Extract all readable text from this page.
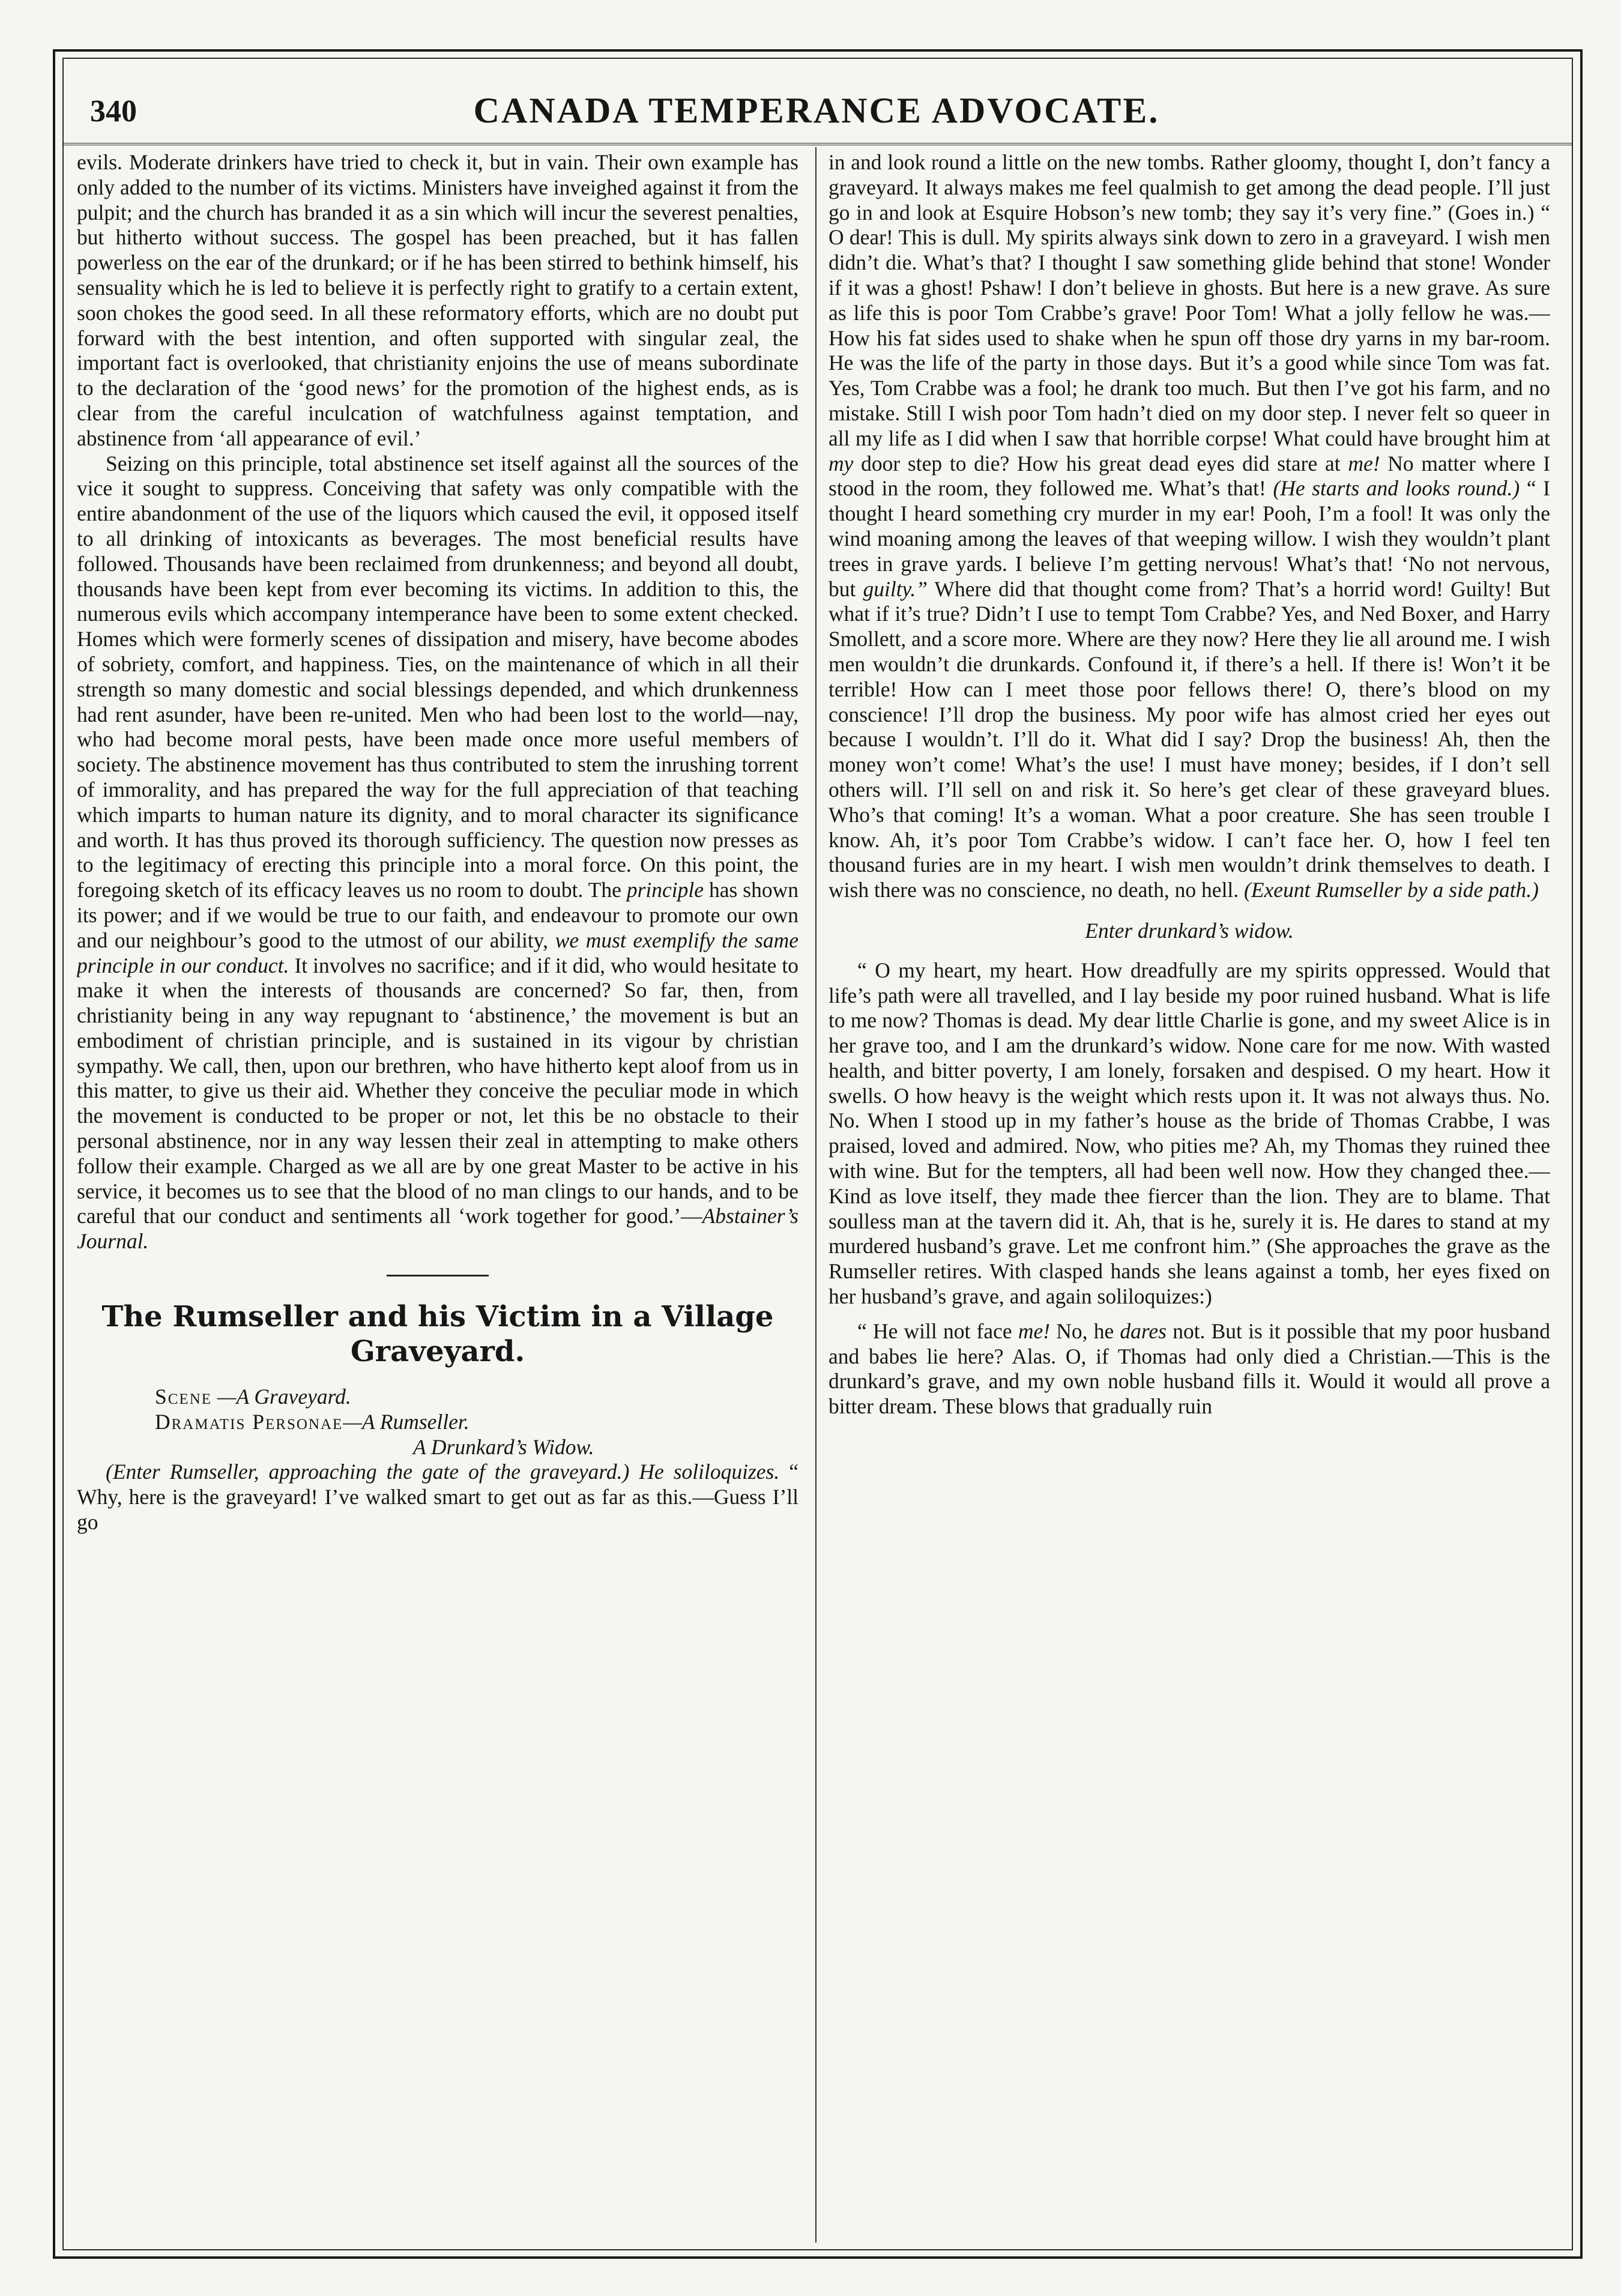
340	CANADA TEMPERANCE ADVOCATE.

evils. Moderate drinkers have tried to check it, but in vain. Their own example has only added to the number of its victims. Ministers have inveighed against it from the pulpit; and the church has branded it as a sin which will incur the severest penalties, but hitherto without success. The gospel has been preached, but it has fallen powerless on the ear of the drunkard; or if he has been stirred to bethink himself, his sensuality which he is led to believe it is perfectly right to gratify to a certain extent, soon chokes the good seed. In all these reformatory efforts, which are no doubt put forward with the best intention, and often supported with singular zeal, the important fact is overlooked, that christianity enjoins the use of means subordinate to the declaration of the ‘good news’ for the promotion of the highest ends, as is clear from the careful inculcation of watchfulness against temptation, and abstinence from ‘all appearance of evil.’

Seizing on this principle, total abstinence set itself against all the sources of the vice it sought to suppress. Conceiving that safety was only compatible with the entire abandonment of the use of the liquors which caused the evil, it opposed itself to all drinking of intoxicants as beverages. The most beneficial results have followed. Thousands have been reclaimed from drunkenness; and beyond all doubt, thousands have been kept from ever becoming its victims. In addition to this, the numerous evils which accompany intemperance have been to some extent checked. Homes which were formerly scenes of dissipation and misery, have become abodes of sobriety, comfort, and happiness. Ties, on the maintenance of which in all their strength so many domestic and social blessings depended, and which drunkenness had rent asunder, have been re-united. Men who had been lost to the world—nay, who had become moral pests, have been made once more useful members of society. The abstinence movement has thus contributed to stem the inrushing torrent of immorality, and has prepared the way for the full appreciation of that teaching which imparts to human nature its dignity, and to moral character its significance and worth. It has thus proved its thorough sufficiency. The question now presses as to the legitimacy of erecting this principle into a moral force. On this point, the foregoing sketch of its efficacy leaves us no room to doubt. The principle has shown its power; and if we would be true to our faith, and endeavour to promote our own and our neighbour’s good to the utmost of our ability, we must exemplify the same principle in our conduct. It involves no sacrifice; and if it did, who would hesitate to make it when the interests of thousands are concerned? So far, then, from christianity being in any way repugnant to ‘abstinence,’ the movement is but an embodiment of christian principle, and is sustained in its vigour by christian sympathy. We call, then, upon our brethren, who have hitherto kept aloof from us in this matter, to give us their aid. Whether they conceive the peculiar mode in which the movement is conducted to be proper or not, let this be no obstacle to their personal abstinence, nor in any way lessen their zeal in attempting to make others follow their example. Charged as we all are by one great Master to be active in his service, it becomes us to see that the blood of no man clings to our hands, and to be careful that our conduct and sentiments all ‘work together for good.’—Abstainer’s Journal.

The Rumseller and his Victim in a Village Graveyard.
Scene —A Graveyard.
Dramatis Personae—A Rumseller.
A Drunkard’s Widow.

(Enter Rumseller, approaching the gate of the graveyard.) He soliloquizes. “ Why, here is the graveyard! I’ve walked smart to get out as far as this.—Guess I’ll go

in and look round a little on the new tombs. Rather gloomy, thought I, don’t fancy a graveyard. It always makes me feel qualmish to get among the dead people. I’ll just go in and look at Esquire Hobson’s new tomb; they say it’s very fine.” (Goes in.) “ O dear! This is dull. My spirits always sink down to zero in a graveyard. I wish men didn’t die. What’s that? I thought I saw something glide behind that stone! Wonder if it was a ghost! Pshaw! I don’t believe in ghosts. But here is a new grave. As sure as life this is poor Tom Crabbe’s grave! Poor Tom! What a jolly fellow he was.—How his fat sides used to shake when he spun off those dry yarns in my bar-room. He was the life of the party in those days. But it’s a good while since Tom was fat. Yes, Tom Crabbe was a fool; he drank too much. But then I’ve got his farm, and no mistake. Still I wish poor Tom hadn’t died on my door step. I never felt so queer in all my life as I did when I saw that horrible corpse! What could have brought him at my door step to die? How his great dead eyes did stare at me! No matter where I stood in the room, they followed me. What’s that! (He starts and looks round.) “ I thought I heard something cry murder in my ear! Pooh, I’m a fool! It was only the wind moaning among the leaves of that weeping willow. I wish they wouldn’t plant trees in grave yards. I believe I’m getting nervous! What’s that! ‘No not nervous, but guilty.” Where did that thought come from? That’s a horrid word! Guilty! But what if it’s true? Didn’t I use to tempt Tom Crabbe? Yes, and Ned Boxer, and Harry Smollett, and a score more. Where are they now? Here they lie all around me. I wish men wouldn’t die drunkards. Confound it, if there’s a hell. If there is! Won’t it be terrible! How can I meet those poor fellows there! O, there’s blood on my conscience! I’ll drop the business. My poor wife has almost cried her eyes out because I wouldn’t. I’ll do it. What did I say? Drop the business! Ah, then the money won’t come! What’s the use! I must have money; besides, if I don’t sell others will. I’ll sell on and risk it. So here’s get clear of these graveyard blues. Who’s that coming! It’s a woman. What a poor creature. She has seen trouble I know. Ah, it’s poor Tom Crabbe’s widow. I can’t face her. O, how I feel ten thousand furies are in my heart. I wish men wouldn’t drink themselves to death. I wish there was no conscience, no death, no hell. (Exeunt Rumseller by a side path.)

Enter drunkard’s widow.

“ O my heart, my heart. How dreadfully are my spirits oppressed. Would that life’s path were all travelled, and I lay beside my poor ruined husband. What is life to me now? Thomas is dead. My dear little Charlie is gone, and my sweet Alice is in her grave too, and I am the drunkard’s widow. None care for me now. With wasted health, and bitter poverty, I am lonely, forsaken and despised. O my heart. How it swells. O how heavy is the weight which rests upon it. It was not always thus. No. No. When I stood up in my father’s house as the bride of Thomas Crabbe, I was praised, loved and admired. Now, who pities me? Ah, my Thomas they ruined thee with wine. But for the tempters, all had been well now. How they changed thee.—Kind as love itself, they made thee fiercer than the lion. They are to blame. That soulless man at the tavern did it. Ah, that is he, surely it is. He dares to stand at my murdered husband’s grave. Let me confront him.” (She approaches the grave as the Rumseller retires. With clasped hands she leans against a tomb, her eyes fixed on her husband’s grave, and again soliloquizes:)

“ He will not face me! No, he dares not. But is it possible that my poor husband and babes lie here? Alas. O, if Thomas had only died a Christian.—This is the drunkard’s grave, and my own noble husband fills it. Would it would all prove a bitter dream. These blows that gradually ruin
